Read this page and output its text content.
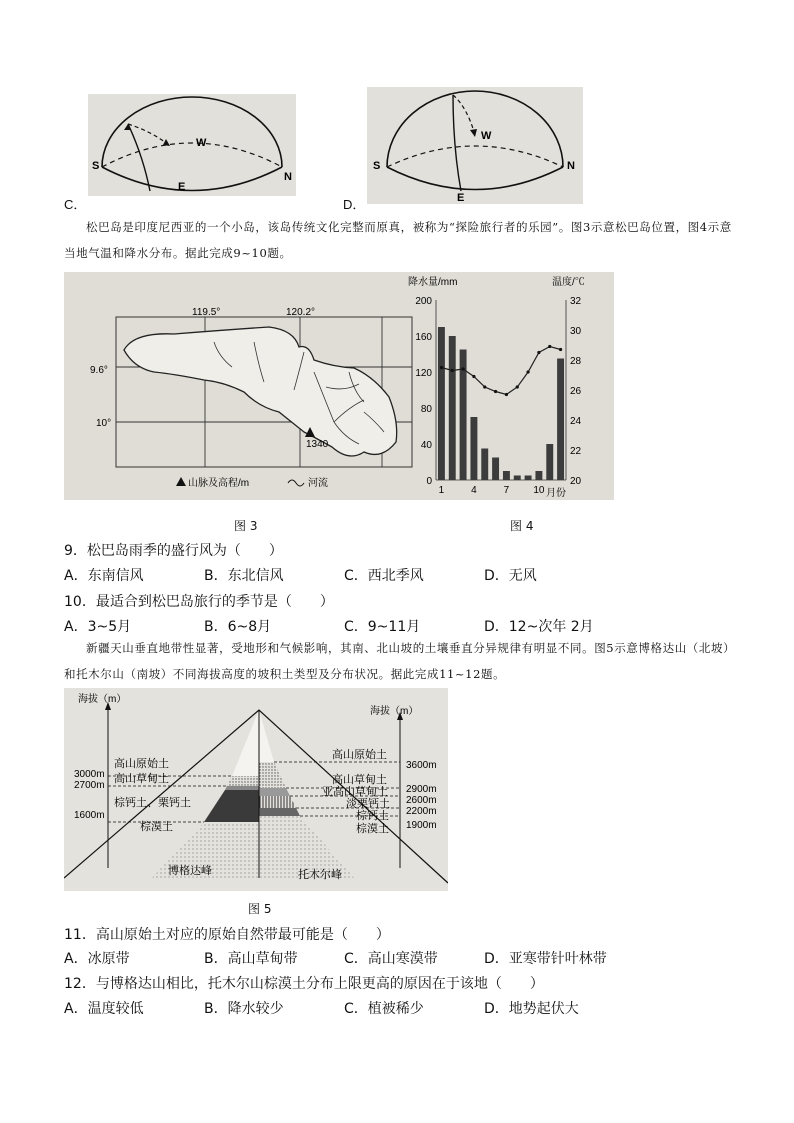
C．
S
N
W
E
D．
S	N
W
E
松巴岛是印度尼西亚的一个小岛，该岛传统文化完整而原真，被称为“探险旅行者的乐园”。图3示意松巴岛位置，图4示意当地气温和降水分布。据此完成9~10题。
119.5°	120.2°
9.6°
10°
1340
山脉及高程/m	河流
降水量/mm	温度/℃
200
160
120
80
40
0
32
30
28
26
24
22
20
1	4	7 10 月份
图 3	图 4
9．松巴岛雨季的盛行风为（　　）
A．东南信风	B．东北信风	C．西北季风	D．无风
10．最适合到松巴岛旅行的季节是（　　）
A．3~5月	B．6~8月	C．9~11月	D．12~次年 2月
新疆天山垂直地带性显著，受地形和气候影响，其南、北山坡的土壤垂直分异规律有明显不同。图5示意博格达山（北坡）和托木尔山（南坡）不同海拔高度的坡积土类型及分布状况。据此完成11~12题。
海拔（m）
海拔（m）
高山原始土
高山草甸土
棕钙土、栗钙土
棕漠土
3000m
2700m
1600m
高山原始土
高山草甸土
亚高山草甸土
淡栗钙土
棕钙土
棕漠土
3600m
2900m
2600m
2200m
1900m
博格达峰	托木尔峰
图 5
11．高山原始土对应的原始自然带最可能是（　　）
A．冰原带	B．高山草甸带	C．高山寒漠带	D．亚寒带针叶林带
12．与博格达山相比，托木尔山棕漠土分布上限更高的原因在于该地（　　）
A．温度较低	B．降水较少	C．植被稀少	D．地势起伏大
